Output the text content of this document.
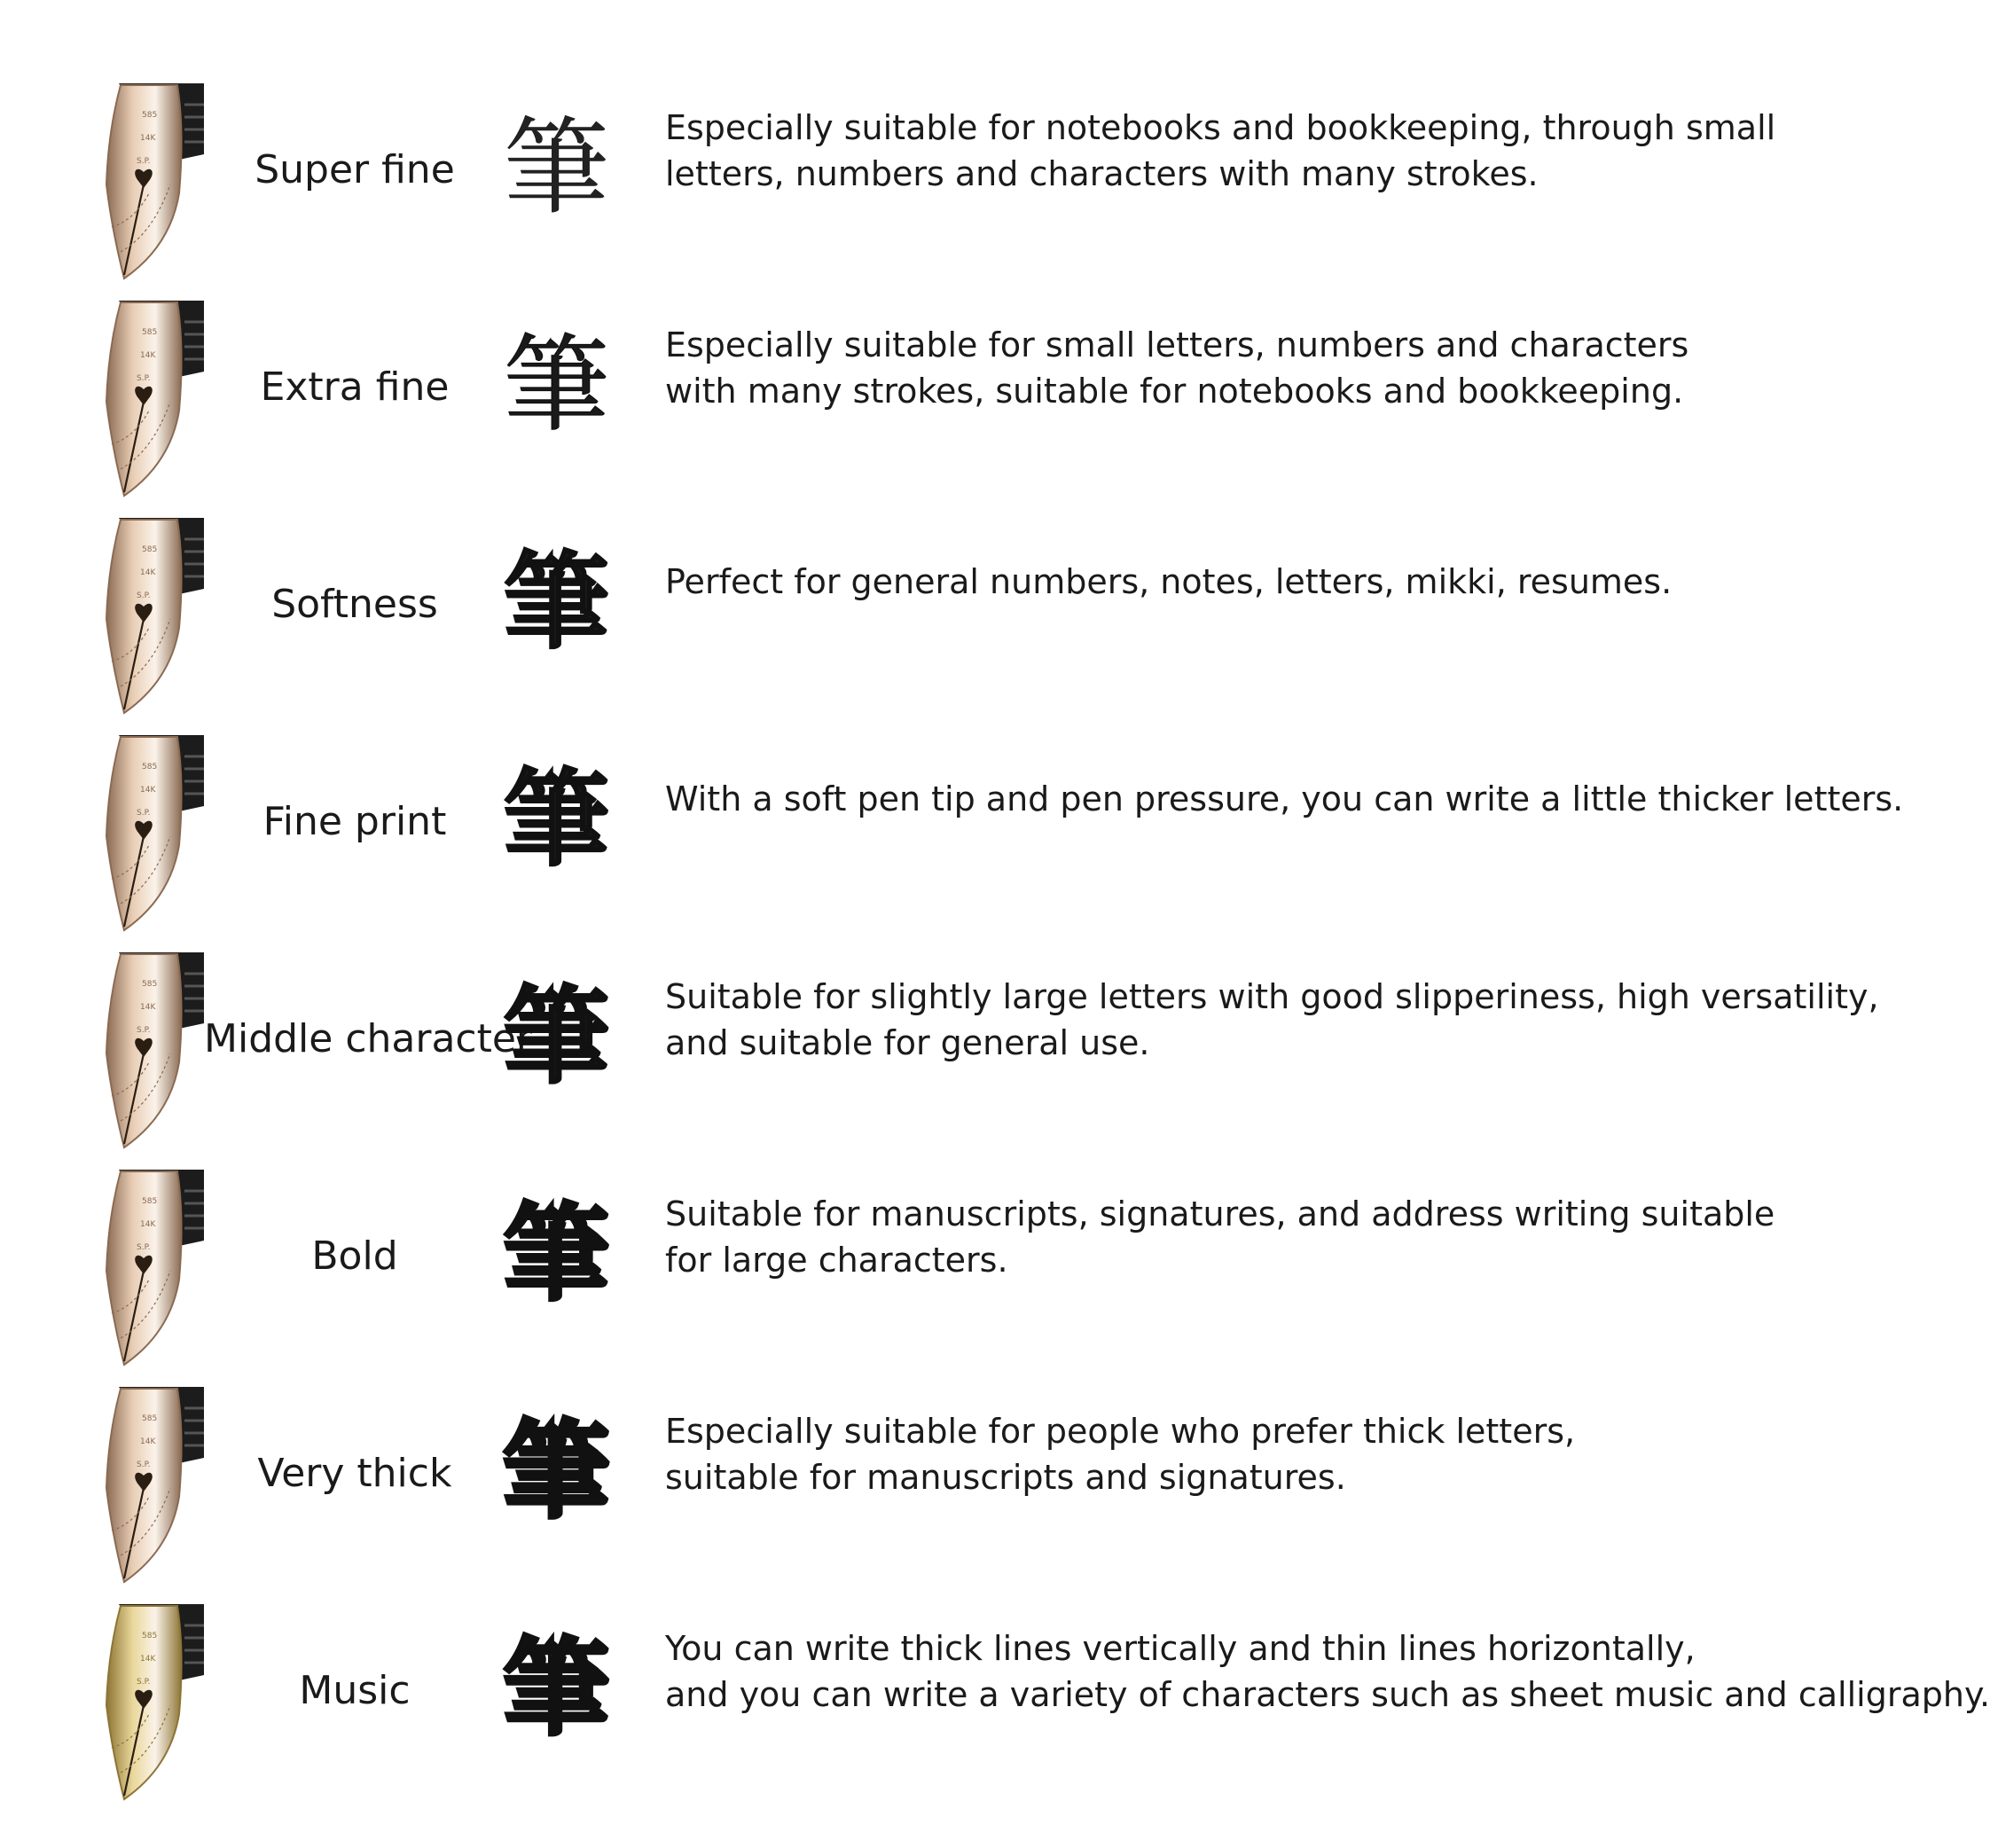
585
14K
S.P.	Super fine 筆 Especially suitable for notebooks and bookkeeping, through small
letters, numbers and characters with many strokes.
585
14K
S.P.	Extra fine 筆 Especially suitable for small letters, numbers and characters
with many strokes, suitable for notebooks and bookkeeping.
585
14K
S.P.	Softness 筆 Perfect for general numbers, notes, letters, mikki, resumes.
585
14K
S.P.	Fine print 筆 With a soft pen tip and pen pressure, you can write a little thicker letters.
585
14K
S.P. Middle character
筆 Suitable for slightly large letters with good slipperiness, high versatility,
and suitable for general use.
585
14K
S.P.	Bold	筆 Suitable for manuscripts, signatures, and address writing suitable
for large characters.
585
14K
S.P.	Very thick 筆 Especially suitable for people who prefer thick letters,
suitable for manuscripts and signatures.
585
14K
S.P.	Music 筆 You can write thick lines vertically and thin lines horizontally,
and you can write a variety of characters such as sheet music and calligraphy.
